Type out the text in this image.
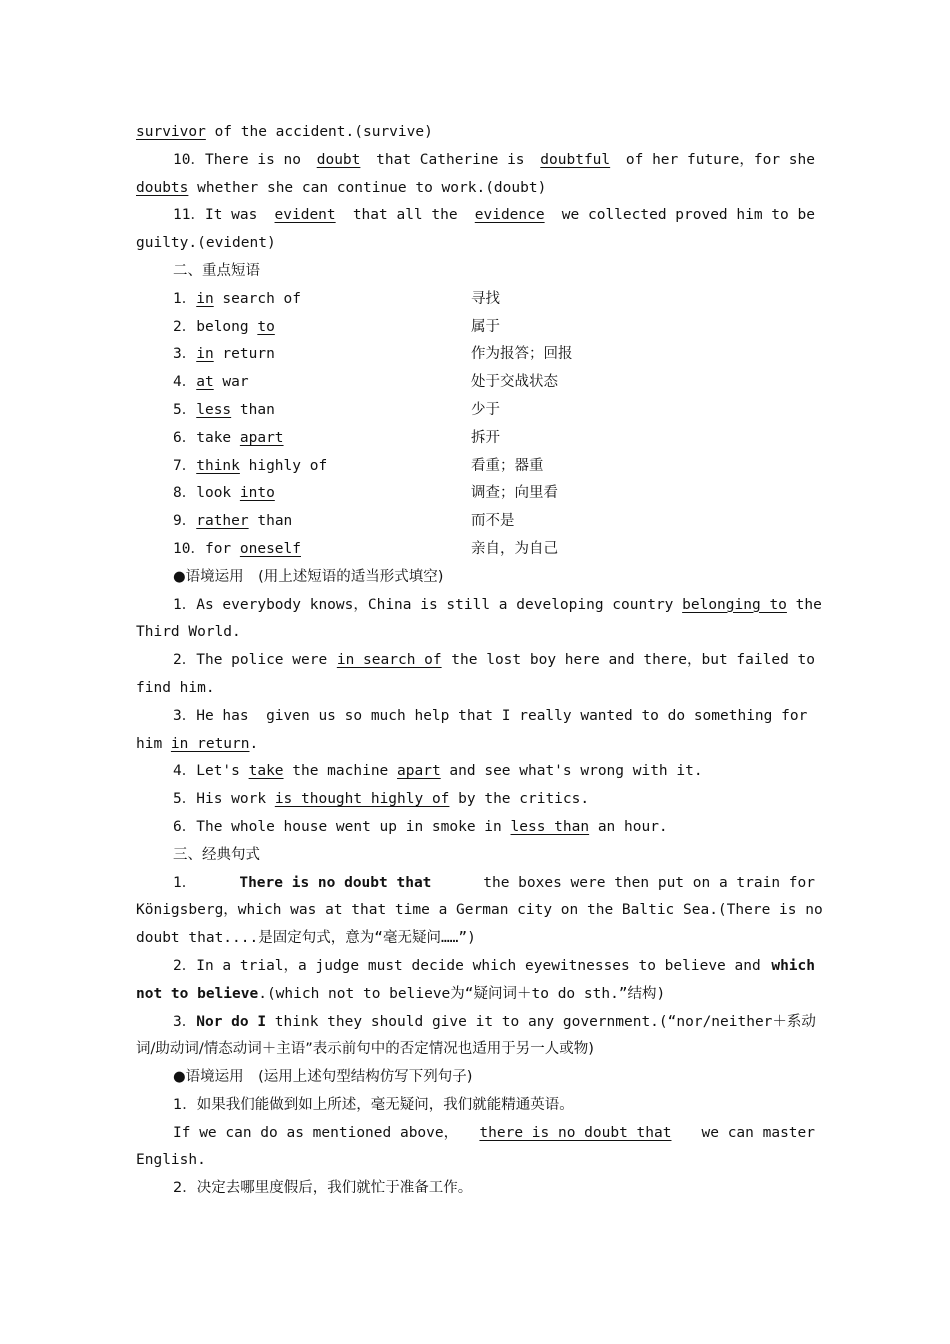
survivor of the accident.(survive)
10．There is no doubt that Catherine is doubtful of her future，for she
doubts whether she can continue to work.(doubt)
11．It was evident that all the evidence we collected proved him to be
guilty.(evident)
二、重点短语
1．in search of	寻找
2．belong to	属于
3．in return	作为报答；回报
4．at war	处于交战状态
5．less than	少于
6．take apart	拆开
7．think highly of	看重；器重
8．look into	调查；向里看
9．rather than	而不是
10．for oneself	亲自，为自己
●语境运用　(用上述短语的适当形式填空)
1．As everybody knows，China is still a developing country belonging to the
Third World.
2．The police were in search of the lost boy here and there，but failed to
find him.
3．He has  given us so much help that I really wanted to do something for
him in return.
4．Let's take the machine apart and see what's wrong with it.
5．His work is thought highly of by the critics.
6．The whole house went up in smoke in less than an hour.
三、经典句式
1．	There is no doubt that	the boxes were then put on a train for
Königsberg，which was at that time a German city on the Baltic Sea.(There is no
doubt that....是固定句式，意为“毫无疑问……”)
2．In a trial，a judge must decide which eyewitnesses to believe and which
not to believe.(which not to believe为“疑问词＋to do sth.”结构)
3．Nor do I think they should give it to any government.(“nor/neither＋系动
词/助动词/情态动词＋主语”表示前句中的否定情况也适用于另一人或物)
●语境运用　(运用上述句型结构仿写下列句子)
1．如果我们能做到如上所述，毫无疑问，我们就能精通英语。
If we can do as mentioned above， there is no doubt that we can master
English.
2．决定去哪里度假后，我们就忙于准备工作。
